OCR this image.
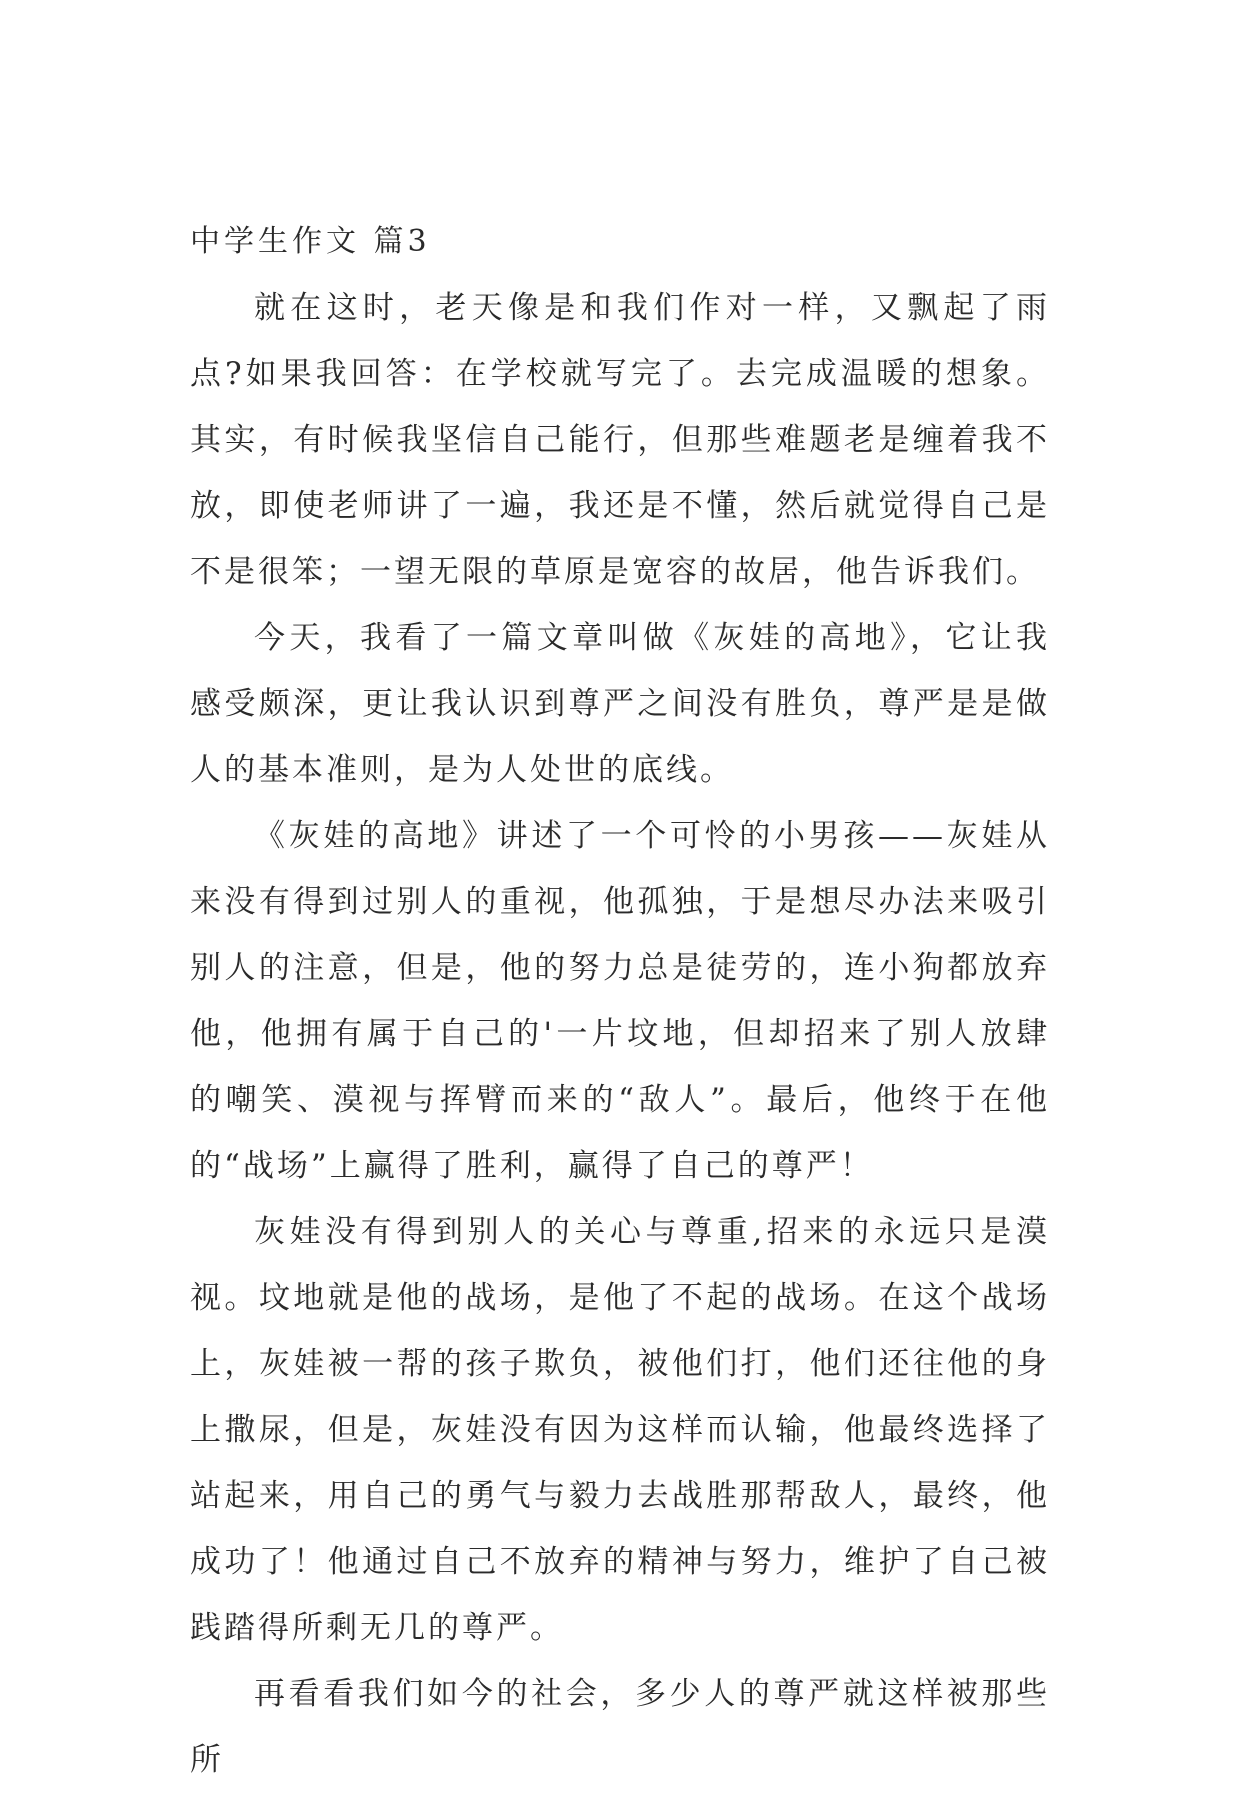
中学生作文 篇3

就在这时，老天像是和我们作对一样，又飘起了雨点?如果我回答：在学校就写完了。去完成温暖的想象。其实，有时候我坚信自己能行，但那些难题老是缠着我不放，即使老师讲了一遍，我还是不懂，然后就觉得自己是不是很笨；一望无限的草原是宽容的故居，他告诉我们。

今天，我看了一篇文章叫做《灰娃的高地》，它让我感受颇深，更让我认识到尊严之间没有胜负，尊严是是做人的基本准则，是为人处世的底线。

《灰娃的高地》讲述了一个可怜的小男孩——灰娃从来没有得到过别人的重视，他孤独，于是想尽办法来吸引别人的注意，但是，他的努力总是徒劳的，连小狗都放弃他，他拥有属于自己的'一片坟地，但却招来了别人放肆的嘲笑、漠视与挥臂而来的“敌人”。最后，他终于在他的“战场”上赢得了胜利，赢得了自己的尊严！

灰娃没有得到别人的关心与尊重,招来的永远只是漠视。坟地就是他的战场，是他了不起的战场。在这个战场上，灰娃被一帮的孩子欺负，被他们打，他们还往他的身上撒尿，但是，灰娃没有因为这样而认输，他最终选择了站起来，用自己的勇气与毅力去战胜那帮敌人，最终，他成功了！他通过自己不放弃的精神与努力，维护了自己被践踏得所剩无几的尊严。

再看看我们如今的社会，多少人的尊严就这样被那些所
